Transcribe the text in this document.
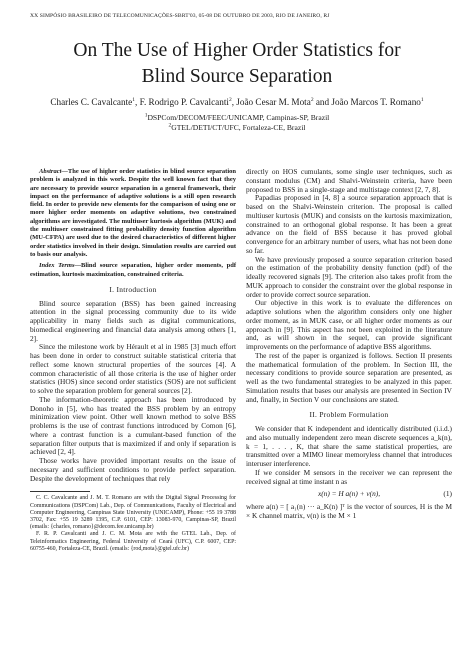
XX SIMPÓSIO BRASILEIRO DE TELECOMUNICAÇÕES-SBRT'03, 05-08 DE OUTUBRO DE 2003, RIO DE JANEIRO, RJ
On The Use of Higher Order Statistics for
Blind Source Separation
Charles C. Cavalcante$^1$, F. Rodrigo P. Cavalcanti$^2$, João Cesar M. Mota$^2$ and João Marcos T. Romano$^1$
$^1$DSPCom/DECOM/FEEC/UNICAMP, Campinas-SP, Brazil
$^2$GTEL/DETI/CT/UFC, Fortaleza-CE, Brazil

Abstract—The use of higher order statistics in blind source separation problem is analyzed in this work. Despite the well known fact that they are necessary to provide source separation in a general framework, their impact on the performance of adaptive solutions is a still open research field. In order to provide new elements for the comparison of using one or more higher order moments on adaptive solutions, two constrained algorithms are investigated. The multiuser kurtosis algorithm (MUK) and the multiuser constrained fitting probability density function algorithm (MU-CFPA) are used due to the desired characteristics of different higher order statistics involved in their design. Simulation results are carried out to basis our analysis.

Index Terms—Blind source separation, higher order moments, pdf estimation, kurtosis maximization, constrained criteria.

I. Introduction

Blind source separation (BSS) has been gained increasing attention in the signal processing community due to its wide applicability in many fields such as digital communications, biomedical engineering and financial data analysis among others [1, 2].

Since the milestone work by Hérault et al in 1985 [3] much effort has been done in order to construct suitable statistical criteria that reflect some known structural properties of the sources [4]. A common characteristic of all those criteria is the use of higher order statistics (HOS) since second order statistics (SOS) are not sufficient to solve the separation problem for general sources [2].

The information-theoretic approach has been introduced by Donoho in [5], who has treated the BSS problem by an entropy minimization view point. Other well known method to solve BSS problems is the use of contrast functions introduced by Comon [6], where a contrast function is a cumulant-based function of the separation filter outputs that is maximized if and only if separation is achieved [2, 4].

Those works have provided important results on the issue of necessary and sufficient conditions to provide perfect separation. Despite the development of techniques that rely

C. C. Cavalcante and J. M. T. Romano are with the Digital Signal Processing for Communications (DSPCom) Lab., Dep. of Communications, Faculty of Electrical and Computer Engineering, Campinas State University (UNICAMP), Phone: +55 19 3788 3702, Fax: +55 19 3289 1395, C.P. 6101, CEP: 13083-970, Campinas-SP, Brazil (emails: {charles, romano}@decom.fee.unicamp.br)

F. R. P. Cavalcanti and J. C. M. Mota are with the GTEL Lab., Dep. of Teleinformatics Engineering, Federal University of Ceará (UFC), C.P. 6007, CEP: 60755-460, Fortaleza-CE, Brazil. (emails: {rod,mota}@gtel.ufc.br)

directly on HOS cumulants, some single user techniques, such as constant modulus (CM) and Shalvi-Weinstein criteria, have been proposed to BSS in a single-stage and multistage context [2, 7, 8].

Papadias proposed in [4, 8] a source separation approach that is based on the Shalvi-Weinstein criterion. The proposal is called multiuser kurtosis (MUK) and consists on the kurtosis maximization, constrained to an orthogonal global response. It has been a great advance on the field of BSS because it has proved global convergence for an arbitrary number of users, what has not been done so far.

We have previously proposed a source separation criterion based on the estimation of the probability density function (pdf) of the ideally recovered signals [9]. The criterion also takes profit from the MUK approach to consider the constraint over the global response in order to provide correct source separation.

Our objective in this work is to evaluate the differences on adaptive solutions when the algorithm considers only one higher order moment, as in MUK case, or all higher order moments as our approach in [9]. This aspect has not been exploited in the literature and, as will shown in the sequel, can provide significant improvements on the performance of adaptive BSS algorithms.

The rest of the paper is organized is follows. Section II presents the mathematical formulation of the problem. In Section III, the necessary conditions to provide source separation are presented, as well as the two fundamental strategies to be analyzed in this paper. Simulation results that bases our analysis are presented in Section IV and, finally, in Section V our conclusions are stated.

II. Problem Formulation

We consider that K independent and identically distributed (i.i.d.) and also mutually independent zero mean discrete sequences a_k(n), k = 1, . . . , K, that share the same statistical properties, are transmitted over a MIMO linear memoryless channel that introduces interuser interference.

If we consider M sensors in the receiver we can represent the received signal at time instant n as

x(n) = H a(n) + v(n),	(1)

where a(n) = [ a₁(n) ··· a_K(n) ]ᵀ is the vector of sources, H is the M × K channel matrix, v(n) is the M × 1
